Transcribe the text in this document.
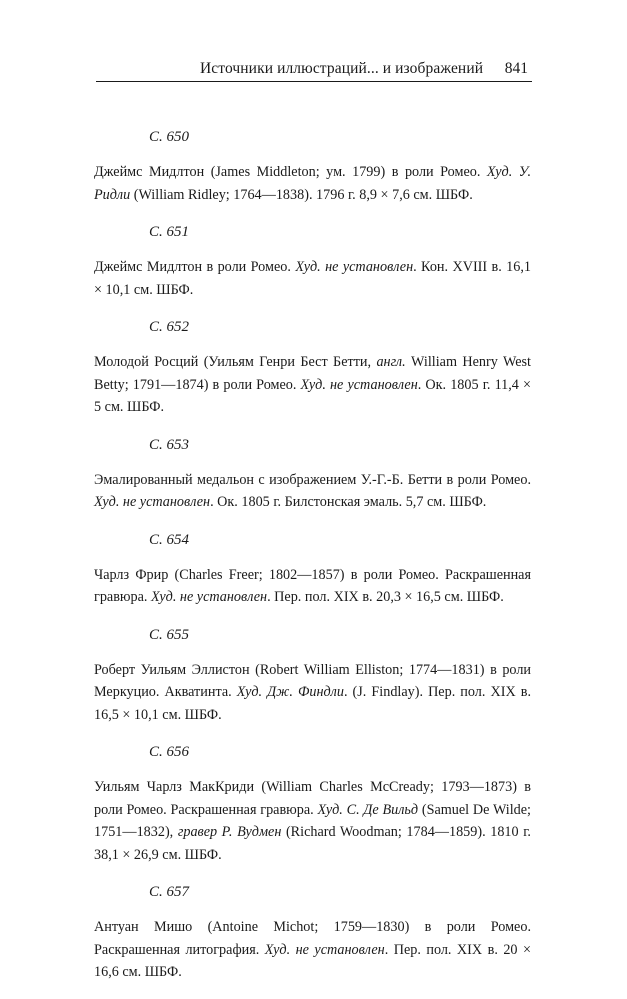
Источники иллюстраций... и изображений 841
С. 650
Джеймс Мидлтон (James Middleton; ум. 1799) в роли Ромео. Худ. У. Ридли (William Ridley; 1764—1838). 1796 г. 8,9 × 7,6 см. ШБФ.
С. 651
Джеймс Мидлтон в роли Ромео. Худ. не установлен. Кон. XVIII в. 16,1 × 10,1 см. ШБФ.
С. 652
Молодой Росций (Уильям Генри Бест Бетти, англ. William Henry West Betty; 1791—1874) в роли Ромео. Худ. не установлен. Ок. 1805 г. 11,4 × 5 см. ШБФ.
С. 653
Эмалированный медальон с изображением У.-Г.-Б. Бетти в роли Ромео. Худ. не установлен. Ок. 1805 г. Билстонская эмаль. 5,7 см. ШБФ.
С. 654
Чарлз Фрир (Charles Freer; 1802—1857) в роли Ромео. Раскрашенная гравюра. Худ. не установлен. Пер. пол. XIX в. 20,3 × 16,5 см. ШБФ.
С. 655
Роберт Уильям Эллистон (Robert William Elliston; 1774—1831) в роли Меркуцио. Акватинта. Худ. Дж. Финдли. (J. Findlay). Пер. пол. XIX в. 16,5 × 10,1 см. ШБФ.
С. 656
Уильям Чарлз МакКриди (William Charles McCready; 1793—1873) в роли Ромео. Раскрашенная гравюра. Худ. С. Де Вильд (Samuel De Wilde; 1751—1832), гравер Р. Вудмен (Richard Woodman; 1784—1859). 1810 г. 38,1 × 26,9 см. ШБФ.
С. 657
Антуан Мишо (Antoine Michot; 1759—1830) в роли Ромео. Раскрашенная литография. Худ. не установлен. Пер. пол. XIX в. 20 × 16,6 см. ШБФ.
